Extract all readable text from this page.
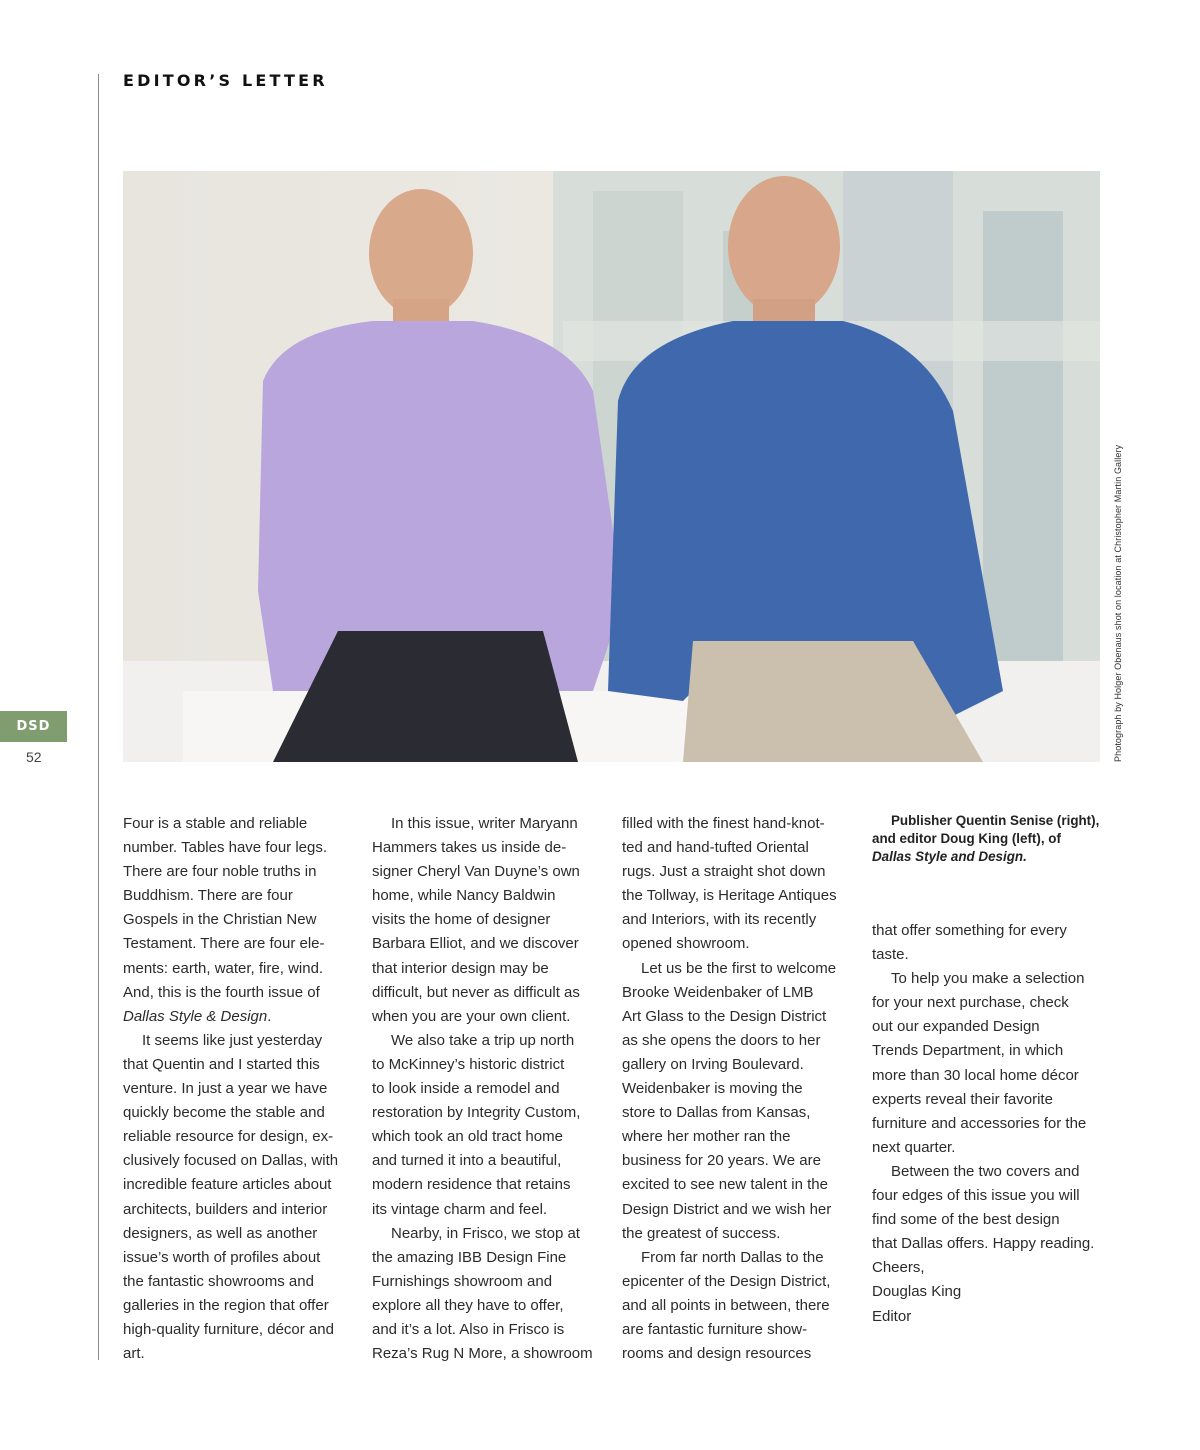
EDITOR’S LETTER
Photograph by Holger Obenaus shot on location at Christopher Martin Gallery
DSD
52

Four is a stable and reliable
number. Tables have four legs.
There are four noble truths in
Buddhism. There are four
Gospels in the Christian New
Testament. There are four ele-
ments: earth, water, fire, wind.
And, this is the fourth issue of Dallas Style & Design.

It seems like just yesterday
that Quentin and I started this
venture. In just a year we have
quickly become the stable and
reliable resource for design, ex-
clusively focused on Dallas, with
incredible feature articles about
architects, builders and interior
designers, as well as another
issue’s worth of profiles about
the fantastic showrooms and
galleries in the region that offer
high-quality furniture, décor and
art.

In this issue, writer Maryann
Hammers takes us inside de-
signer Cheryl Van Duyne’s own
home, while Nancy Baldwin
visits the home of designer
Barbara Elliot, and we discover
that interior design may be
difficult, but never as difficult as
when you are your own client.

We also take a trip up north
to McKinney’s historic district
to look inside a remodel and
restoration by Integrity Custom,
which took an old tract home
and turned it into a beautiful,
modern residence that retains
its vintage charm and feel.

Nearby, in Frisco, we stop at
the amazing IBB Design Fine
Furnishings showroom and
explore all they have to offer,
and it’s a lot. Also in Frisco is
Reza’s Rug N More, a showroom

filled with the finest hand-knot-
ted and hand-tufted Oriental
rugs. Just a straight shot down
the Tollway, is Heritage Antiques
and Interiors, with its recently
opened showroom.

Let us be the first to welcome
Brooke Weidenbaker of LMB
Art Glass to the Design District
as she opens the doors to her
gallery on Irving Boulevard.
Weidenbaker is moving the
store to Dallas from Kansas,
where her mother ran the
business for 20 years. We are
excited to see new talent in the
Design District and we wish her
the greatest of success.

From far north Dallas to the
epicenter of the Design District,
and all points in between, there
are fantastic furniture show-
rooms and design resources

Publisher Quentin Senise (right),
and editor Doug King (left), of
Dallas Style and Design.

that offer something for every
taste.

To help you make a selection
for your next purchase, check
out our expanded Design
Trends Department, in which
more than 30 local home décor
experts reveal their favorite
furniture and accessories for the
next quarter.

Between the two covers and
four edges of this issue you will
find some of the best design
that Dallas offers. Happy reading.

Cheers,
Douglas King
Editor
